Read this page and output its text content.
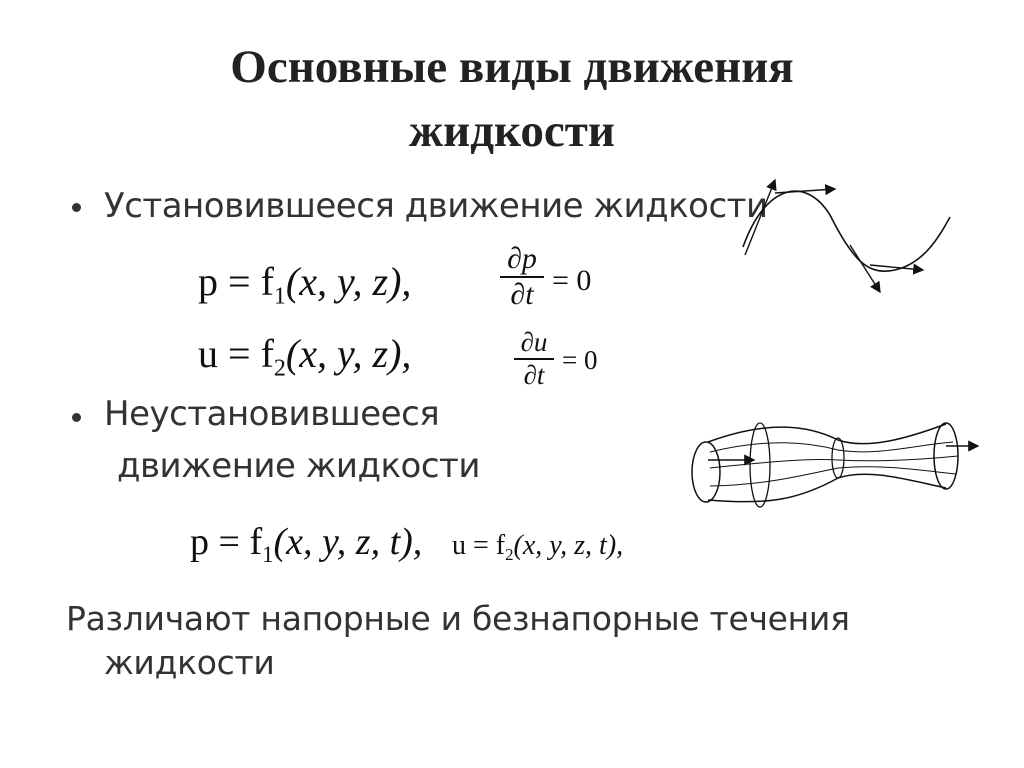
Основные виды движения
жидкости
Установившееся движение жидкости
$p = f_1(x$, y, z),
$u = f_2(x$, y, z),
∂p
∂t = 0
∂u
∂t = 0
Неустановившееся
движение жидкости
$p = f_1(x$, y, z, t), $u = f_2(x$, y, z, t),
Различают напорные и безнапорные течения
жидкости
